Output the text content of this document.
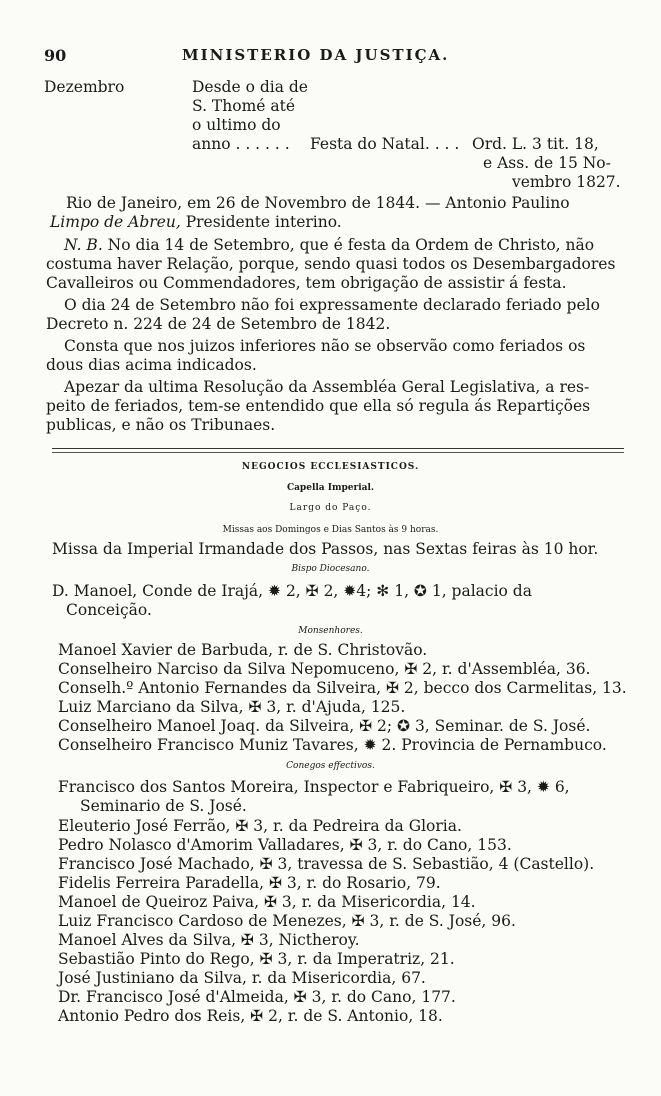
90	MINISTERIO DA JUSTIÇA.
Dezembro	Desde o dia de
S. Thomé até
o ultimo do
anno . . . . . . Festa do Natal. . . . Ord. L. 3 tit. 18,
e Ass. de 15 No-
vembro 1827.
Rio de Janeiro, em 26 de Novembro de 1844. — Antonio Paulino
Limpo de Abreu, Presidente interino.
N. B. No dia 14 de Setembro, que é festa da Ordem de Christo, não
costuma haver Relação, porque, sendo quasi todos os Desembargadores
Cavalleiros ou Commendadores, tem obrigação de assistir á festa.
O dia 24 de Setembro não foi expressamente declarado feriado pelo
Decreto n. 224 de 24 de Setembro de 1842.
Consta que nos juizos inferiores não se observão como feriados os
dous dias acima indicados.
Apezar da ultima Resolução da Assembléa Geral Legislativa, a res-
peito de feriados, tem-se entendido que ella só regula ás Repartições
publicas, e não os Tribunaes.
NEGOCIOS ECCLESIASTICOS.
Capella Imperial.
Largo do Paço.
Missas aos Domingos e Dias Santos às 9 horas.
Missa da Imperial Irmandade dos Passos, nas Sextas feiras às 10 hor.
Bispo Diocesano.
D. Manoel, Conde de Irajá, ✹ 2, ✠ 2, ✹4; ✻ 1, ✪ 1, palacio da
Conceição.
Monsenhores.
Manoel Xavier de Barbuda, r. de S. Christovão.
Conselheiro Narciso da Silva Nepomuceno, ✠ 2, r. d'Assembléa, 36.
Conselh.º Antonio Fernandes da Silveira, ✠ 2, becco dos Carmelitas, 13.
Luiz Marciano da Silva, ✠ 3, r. d'Ajuda, 125.
Conselheiro Manoel Joaq. da Silveira, ✠ 2; ✪ 3, Seminar. de S. José.
Conselheiro Francisco Muniz Tavares, ✹ 2. Provincia de Pernambuco.
Conegos effectivos.
Francisco dos Santos Moreira, Inspector e Fabriqueiro, ✠ 3, ✹ 6,
Seminario de S. José.
Eleuterio José Ferrão, ✠ 3, r. da Pedreira da Gloria.
Pedro Nolasco d'Amorim Valladares, ✠ 3, r. do Cano, 153.
Francisco José Machado, ✠ 3, travessa de S. Sebastião, 4 (Castello).
Fidelis Ferreira Paradella, ✠ 3, r. do Rosario, 79.
Manoel de Queiroz Paiva, ✠ 3, r. da Misericordia, 14.
Luiz Francisco Cardoso de Menezes, ✠ 3, r. de S. José, 96.
Manoel Alves da Silva, ✠ 3, Nictheroy.
Sebastião Pinto do Rego, ✠ 3, r. da Imperatriz, 21.
José Justiniano da Silva, r. da Misericordia, 67.
Dr. Francisco José d'Almeida, ✠ 3, r. do Cano, 177.
Antonio Pedro dos Reis, ✠ 2, r. de S. Antonio, 18.
